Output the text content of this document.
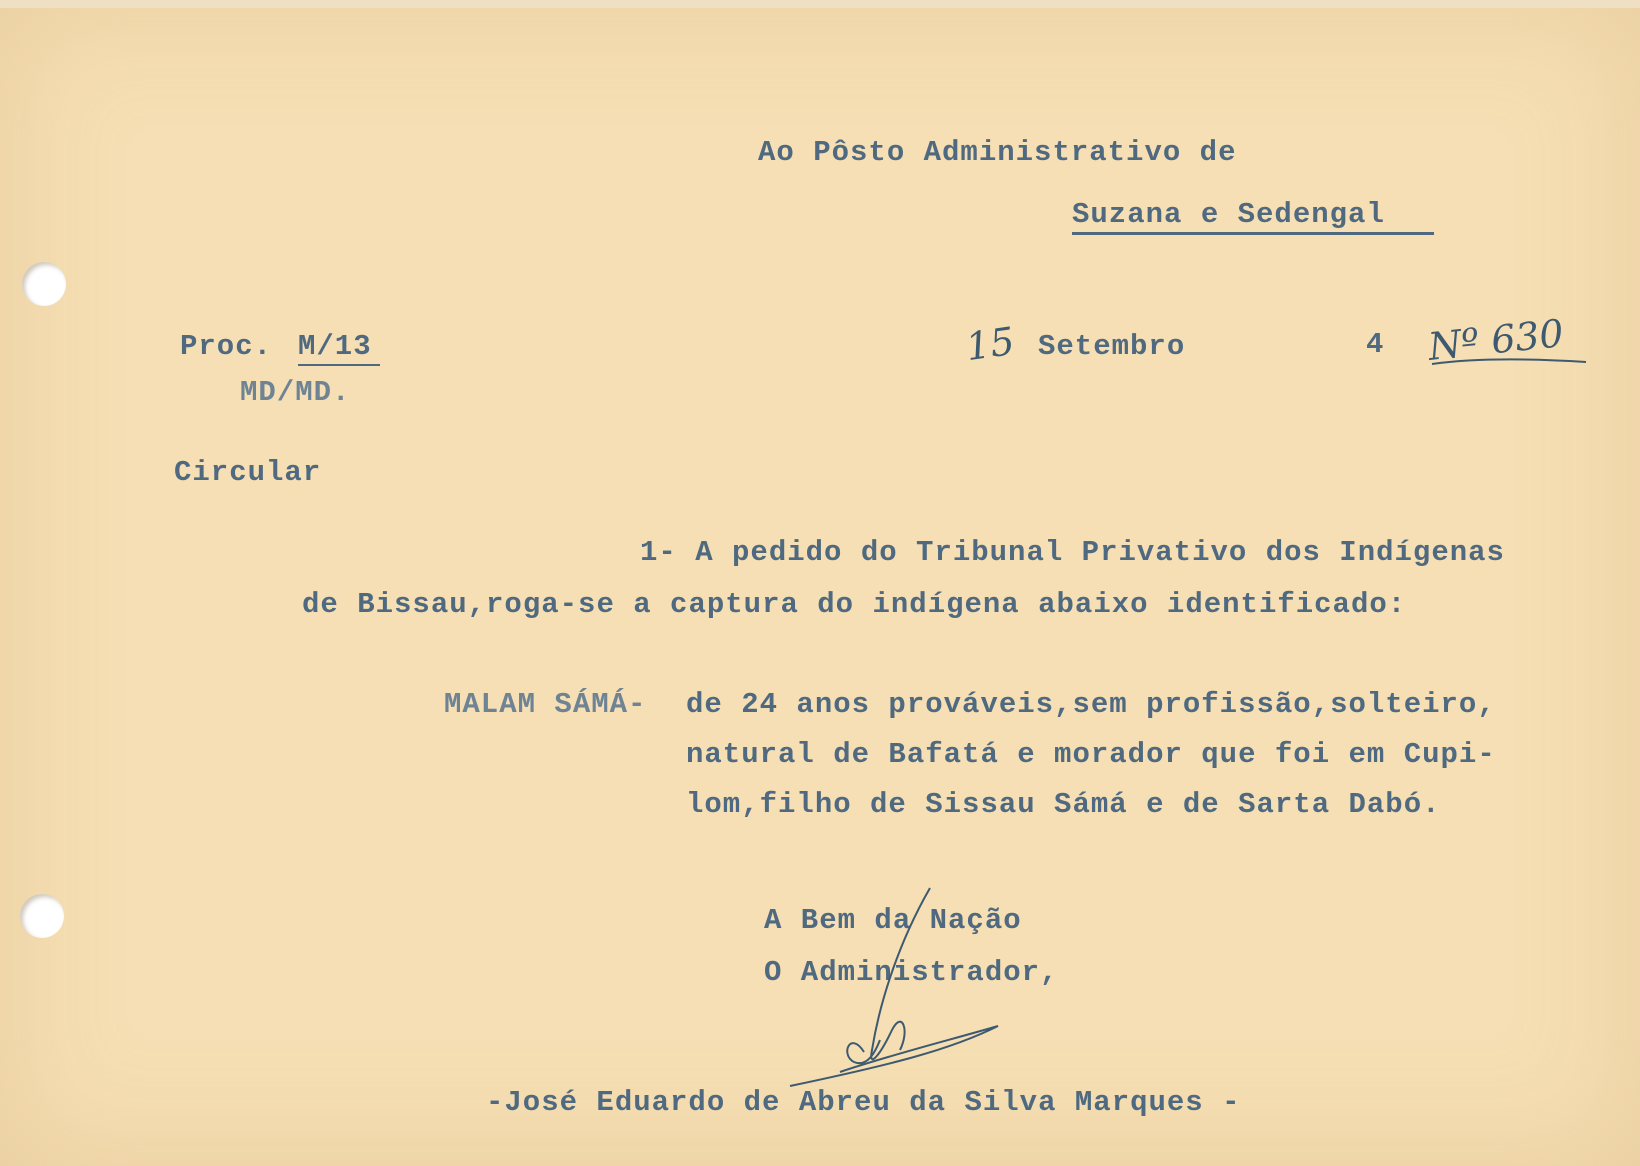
Ao Pôsto Administrativo de
Suzana e Sedengal
Proc. M/13
MD/MD.
15 Setembro	4 Nº 630
Circular
1- A pedido do Tribunal Privativo dos Indígenas
de Bissau,roga-se a captura do indígena abaixo identificado:
MALAM SÁMÁ- de 24 anos prováveis,sem profissão,solteiro,
natural de Bafatá e morador que foi em Cupi-
lom,filho de Sissau Sámá e de Sarta Dabó.
A Bem da Nação
O Administrador,
-José Eduardo de Abreu da Silva Marques -
